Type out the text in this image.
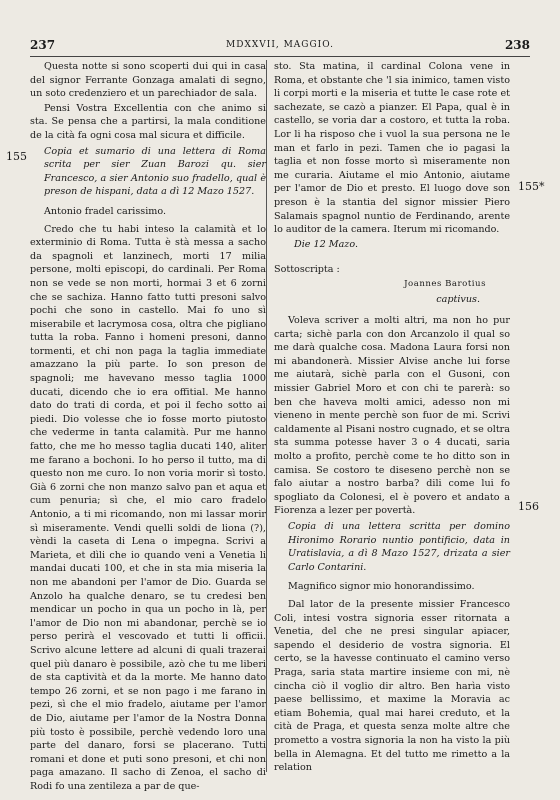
237	MDXXVII, MAGGIO.	238
155
155*
156

Questa notte si sono scoperti dui qui in casa del signor Ferrante Gonzaga amalati di segno, un soto credenziero et un parechiador de sala.

Pensi Vostra Excellentia con che animo si sta. Se pensa che a partirsi, la mala conditione de la cità fa ogni cosa mal sicura et difficile.

Copia et sumario di una lettera di Roma scrita per sier Zuan Barozi qu. sier Francesco, a sier Antonio suo fradello, qual è preson de hispani, data a dì 12 Mazo 1527.

Antonio fradel carissimo.

Credo che tu habi inteso la calamità et lo exterminio di Roma. Tutta è stà messa a sacho da spagnoli et lanzinech, morti 17 milia persone, molti episcopi, do cardinali. Per Roma non se vede se non morti, hormai 3 et 6 zorni che se sachiza. Hanno fatto tutti presoni salvo pochi che sono in castello. Mai fo uno sì miserabile et lacrymosa cosa, oltra che pigliano tutta la roba. Fanno i homeni presoni, danno tormenti, et chi non paga la taglia immediate amazzano la più parte. Io son preson de spagnoli; me havevano messo taglia 1000 ducati, dicendo che io era offitial. Me hanno dato do trati di corda, et poi il fecho sotto ai piedi. Dio volesse che io fosse morto piutosto che vederme in tanta calamità. Pur me hanno fatto, che me ho messo taglia ducati 140, aliter me farano a bochoni. Io ho perso il tutto, ma di questo non me curo. Io non voria morir sì tosto. Già 6 zorni che non manzo salvo pan et aqua et cum penuria; sì che, el mio caro fradelo Antonio, a ti mi ricomando, non mi lassar morir sì miseramente. Vendi quelli soldi de liona (?), vèndi la caseta di Lena o impegna. Scrivi a Marieta, et dìli che io quando veni a Venetia li mandai ducati 100, et che in sta mia miseria la non me abandoni per l'amor de Dio. Guarda se Anzolo ha qualche denaro, se tu credesi ben mendicar un pocho in qua un pocho in là, per l'amor de Dio non mi abandonar, perchè se io perso perirà el vescovado et tutti li officii. Scrivo alcune lettere ad alcuni di quali trazerai quel più danaro è possibile, azò che tu me liberi de sta captività et da la morte. Me hanno dato tempo 26 zorni, et se non pago i me farano in pezi, sì che el mio fradelo, aiutame per l'amor de Dio, aiutame per l'amor de la Nostra Donna più tosto è possibile, perchè vedendo loro una parte del danaro, forsi se placerano. Tutti romani et done et puti sono presoni, et chi non paga amazano. Il sacho di Zenoa, el sacho di Rodi fo una zentileza a par de que-

sto. Sta matina, il cardinal Colona vene in Roma, et obstante che 'l sia inimico, tamen visto li corpi morti e la miseria et tutte le case rote et sachezate, se cazò a pianzer. El Papa, qual è in castello, se voria dar a costoro, et tutta la roba. Lor li ha risposo che i vuol la sua persona ne le man et farlo in pezi. Tamen che io pagasi la taglia et non fosse morto sì miseramente non me curaria. Aiutame el mio Antonio, aiutame per l'amor de Dio et presto. El luogo dove son preson è la stantia del signor missier Piero Salamais spagnol nuntio de Ferdinando, arente lo auditor de la camera. Iterum mi ricomando.

Die 12 Mazo.

Sottoscripta :

Joannes Barotius

captivus.

Voleva scriver a molti altri, ma non ho pur carta; sichè parla con don Arcanzolo il qual so me darà qualche cosa. Madona Laura forsi non mi abandonerà. Missier Alvise anche lui forse me aiutarà, sichè parla con el Gusoni, con missier Gabriel Moro et con chi te parerà: so ben che haveva molti amici, adesso non mi vieneno in mente perchè son fuor de mi. Scrivi caldamente al Pisani nostro cugnado, et se oltra sta summa potesse haver 3 o 4 ducati, saria molto a profito, perchè come te ho ditto son in camisa. Se costoro te diseseno perchè non se falo aiutar a nostro barba? dili come lui fo spogliato da Colonesi, el è povero et andato a Fiorenza a lezer per povertà.

Copia di una lettera scritta per domino Hironimo Rorario nuntio pontificio, data in Uratislavia, a dì 8 Mazo 1527, drizata a sier Carlo Contarini.

Magnifico signor mio honorandissimo.

Dal lator de la presente missier Francesco Coli, intesi vostra signoria esser ritornata a Venetia, del che ne presi singular apiacer, sapendo el desiderio de vostra signoria. El certo, se la havesse continuato el camino verso Praga, saria stata martire insieme con mi, nè cincha ciò il voglio dir altro. Ben harìa visto paese bellissimo, et maxime la Moravia ac etiam Bohemia, qual mai harei creduto, et la cità de Praga, et questa senza molte altre che prometto a vostra signoria la non ha visto la più bella in Alemagna. Et del tutto me rimetto a la relation
